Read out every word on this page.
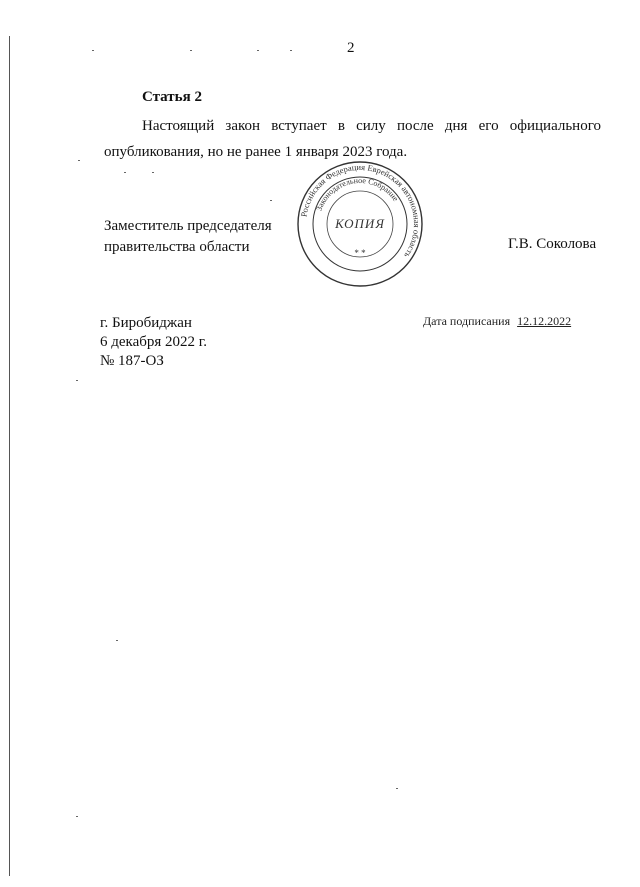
2
Статья 2
Настоящий закон вступает в силу после дня его официального
опубликования, но не ранее 1 января 2023 года.
Заместитель председателя
правительства области	Г.В. Соколова
Российская Федерация Еврейская автономная область
Законодательное Собрание
КОПИЯ
* *
г. Биробиджан
6 декабря 2022 г.
№ 187-ОЗ
Дата подписания 12.12.2022
